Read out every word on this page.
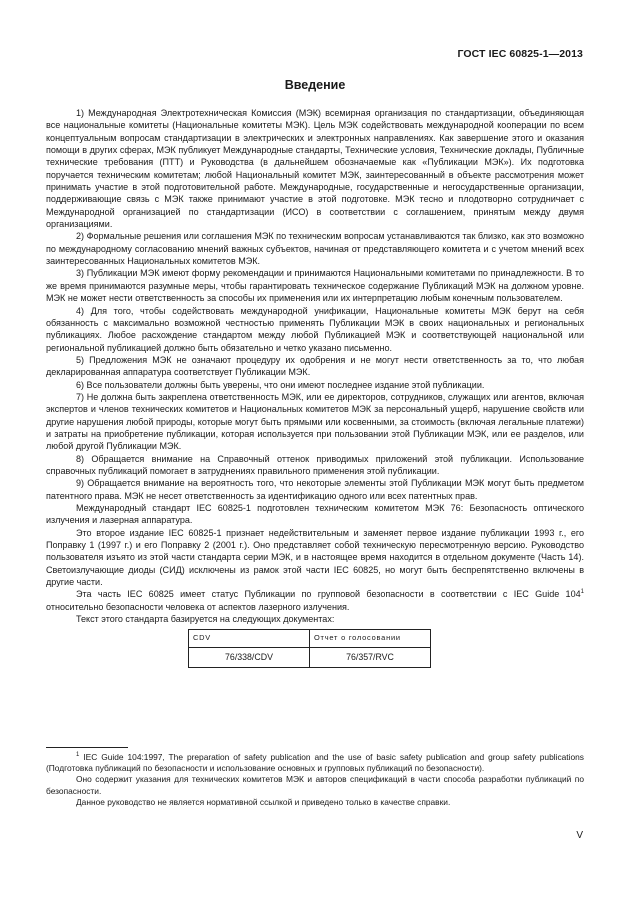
ГОСТ IEC 60825-1—2013
Введение

1) Международная Электротехническая Комиссия (МЭК) всемирная организация по стандартизации, объединяющая все национальные комитеты (Национальные комитеты МЭК). Цель МЭК содействовать международной кооперации по всем концептуальным вопросам стандартизации в электрических и электронных направлениях. Как завершение этого и оказания помощи в других сферах, МЭК публикует Международные стандарты, Технические условия, Технические доклады, Публичные технические требования (ПТТ) и Руководства (в дальнейшем обозначаемые как «Публикации МЭК»). Их подготовка поручается техническим комитетам; любой Национальный комитет МЭК, заинтересованный в объекте рассмотрения может принимать участие в этой подготовительной работе. Международные, государственные и негосударственные организации, поддерживающие связь с МЭК также принимают участие в этой подготовке. МЭК тесно и плодотворно сотрудничает с Международной организацией по стандартизации (ИСО) в соответствии с соглашением, принятым между двумя организациями.

2) Формальные решения или соглашения МЭК по техническим вопросам устанавливаются так близко, как это возможно по международному согласованию мнений важных субъектов, начиная от представляющего комитета и с учетом мнений всех заинтересованных Национальных комитетов МЭК.

3) Публикации МЭК имеют форму рекомендации и принимаются Национальными комитетами по принадлежности. В то же время принимаются разумные меры, чтобы гарантировать техническое содержание Публикаций МЭК на должном уровне. МЭК не может нести ответственность за способы их применения или их интерпретацию любым конечным пользователем.

4) Для того, чтобы содействовать международной унификации, Национальные комитеты МЭК берут на себя обязанность с максимально возможной честностью применять Публикации МЭК в своих национальных и региональных публикациях. Любое расхождение стандартом между любой Публикацией МЭК и соответствующей национальной или региональной публикацией должно быть обязательно и четко указано письменно.

5) Предложения МЭК не означают процедуру их одобрения и не могут нести ответственность за то, что любая декларированная аппаратура соответствует Публикации МЭК.

6) Все пользователи должны быть уверены, что они имеют последнее издание этой публикации.

7) Не должна быть закреплена ответственность МЭК, или ее директоров, сотрудников, служащих или агентов, включая экспертов и членов технических комитетов и Национальных комитетов МЭК за персональный ущерб, нарушение свойств или другие нарушения любой природы, которые могут быть прямыми или косвенными, за стоимость (включая легальные платежи) и затраты на приобретение публикации, которая используется при пользовании этой Публикации МЭК, или ее разделов, или любой другой Публикации МЭК.

8) Обращается внимание на Справочный оттенок приводимых приложений этой публикации. Использование справочных публикаций помогает в затруднениях правильного применения этой публикации.

9) Обращается внимание на вероятность того, что некоторые элементы этой Публикации МЭК могут быть предметом патентного права. МЭК не несет ответственность за идентификацию одного или всех патентных прав.

Международный стандарт IEC 60825-1 подготовлен техническим комитетом МЭК 76: Безопасность оптического излучения и лазерная аппаратура.

Это второе издание IEC 60825-1 признает недействительным и заменяет первое издание публикации 1993 г., его Поправку 1 (1997 г.) и его Поправку 2 (2001 г.). Оно представляет собой техническую пересмотренную версию. Руководство пользователя изъято из этой части стандарта серии МЭК, и в настоящее время находится в отдельном документе (Часть 14). Светоизлучающие диоды (СИД) исключены из рамок этой части IEC 60825, но могут быть беспрепятственно включены в другие части.

Эта часть IEC 60825 имеет статус Публикации по групповой безопасности в соответствии с IEC Guide $104^1$ относительно безопасности человека от аспектов лазерного излучения.

Текст этого стандарта базируется на следующих документах:

CDV	Отчет о голосовании
76/338/CDV	76/357/RVC

$^1$ IEC Guide 104:1997, The preparation of safety publication and the use of basic safety publication and group safety publications (Подготовка публикаций по безопасности и использование основных и групповых публикаций по безопасности).

Оно содержит указания для технических комитетов МЭК и авторов спецификаций в части способа разработки публикаций по безопасности.

Данное руководство не является нормативной ссылкой и приведено только в качестве справки.

V
